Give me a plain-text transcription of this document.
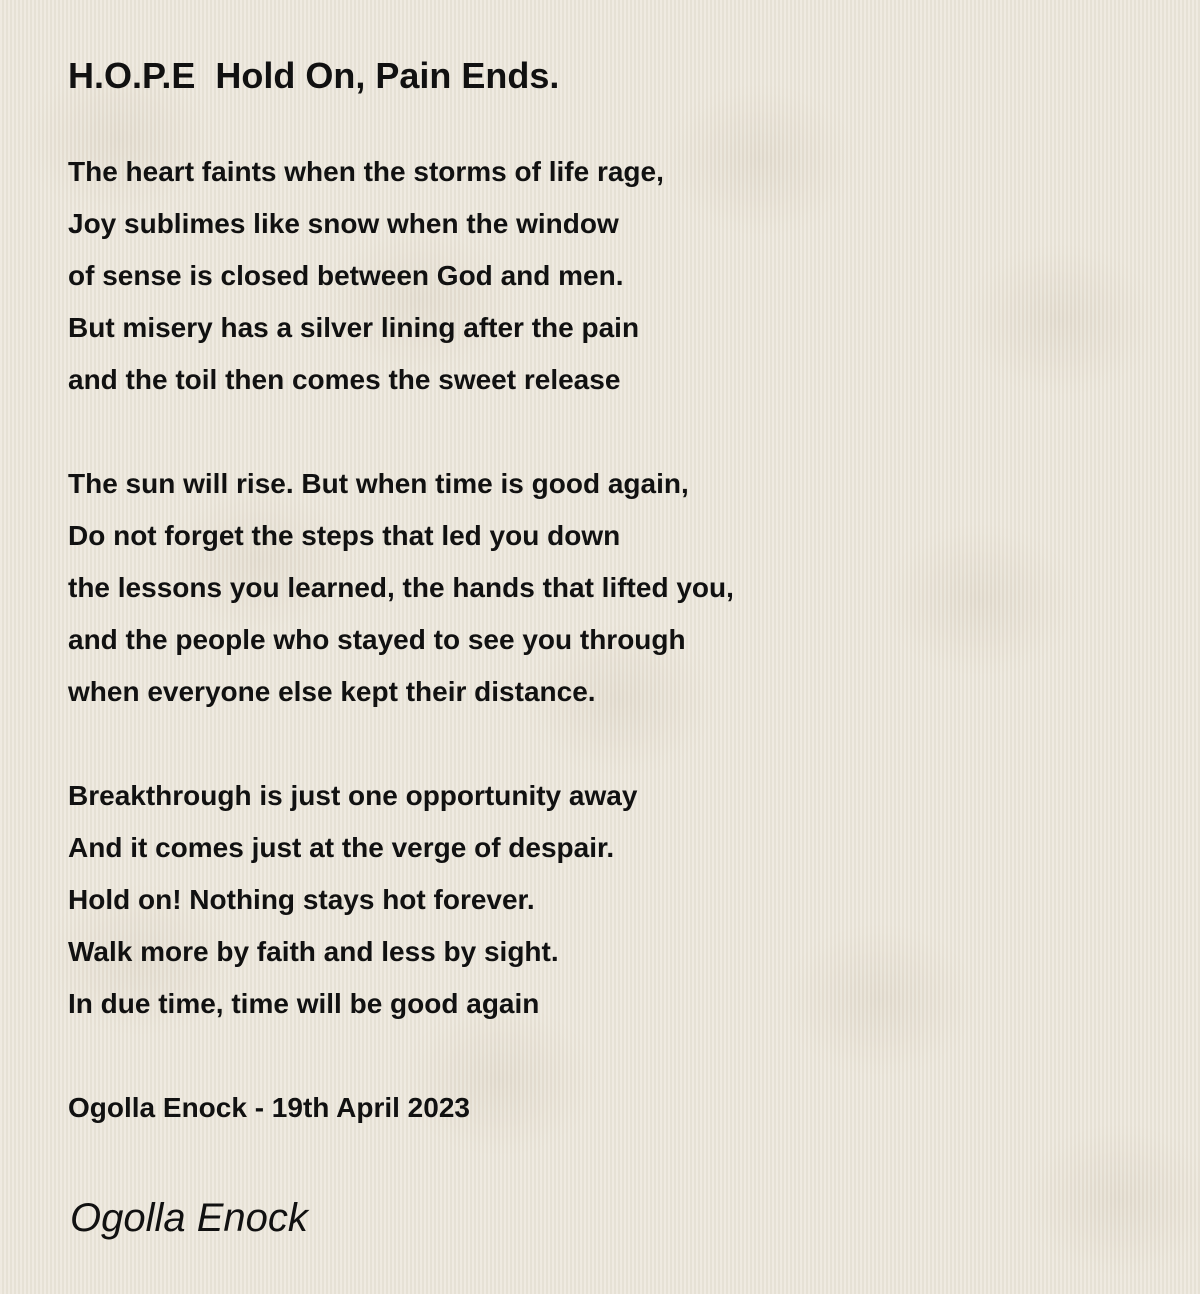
H.O.P.E  Hold On, Pain Ends.
The heart faints when the storms of life rage,
Joy sublimes like snow when the window
of sense is closed between God and men.
But misery has a silver lining after the pain
and the toil then comes the sweet release
The sun will rise. But when time is good again,
Do not forget the steps that led you down
the lessons you learned, the hands that lifted you,
and the people who stayed to see you through
when everyone else kept their distance.
Breakthrough is just one opportunity away
And it comes just at the verge of despair.
Hold on! Nothing stays hot forever.
Walk more by faith and less by sight.
In due time, time will be good again
Ogolla Enock - 19th April 2023
Ogolla Enock
